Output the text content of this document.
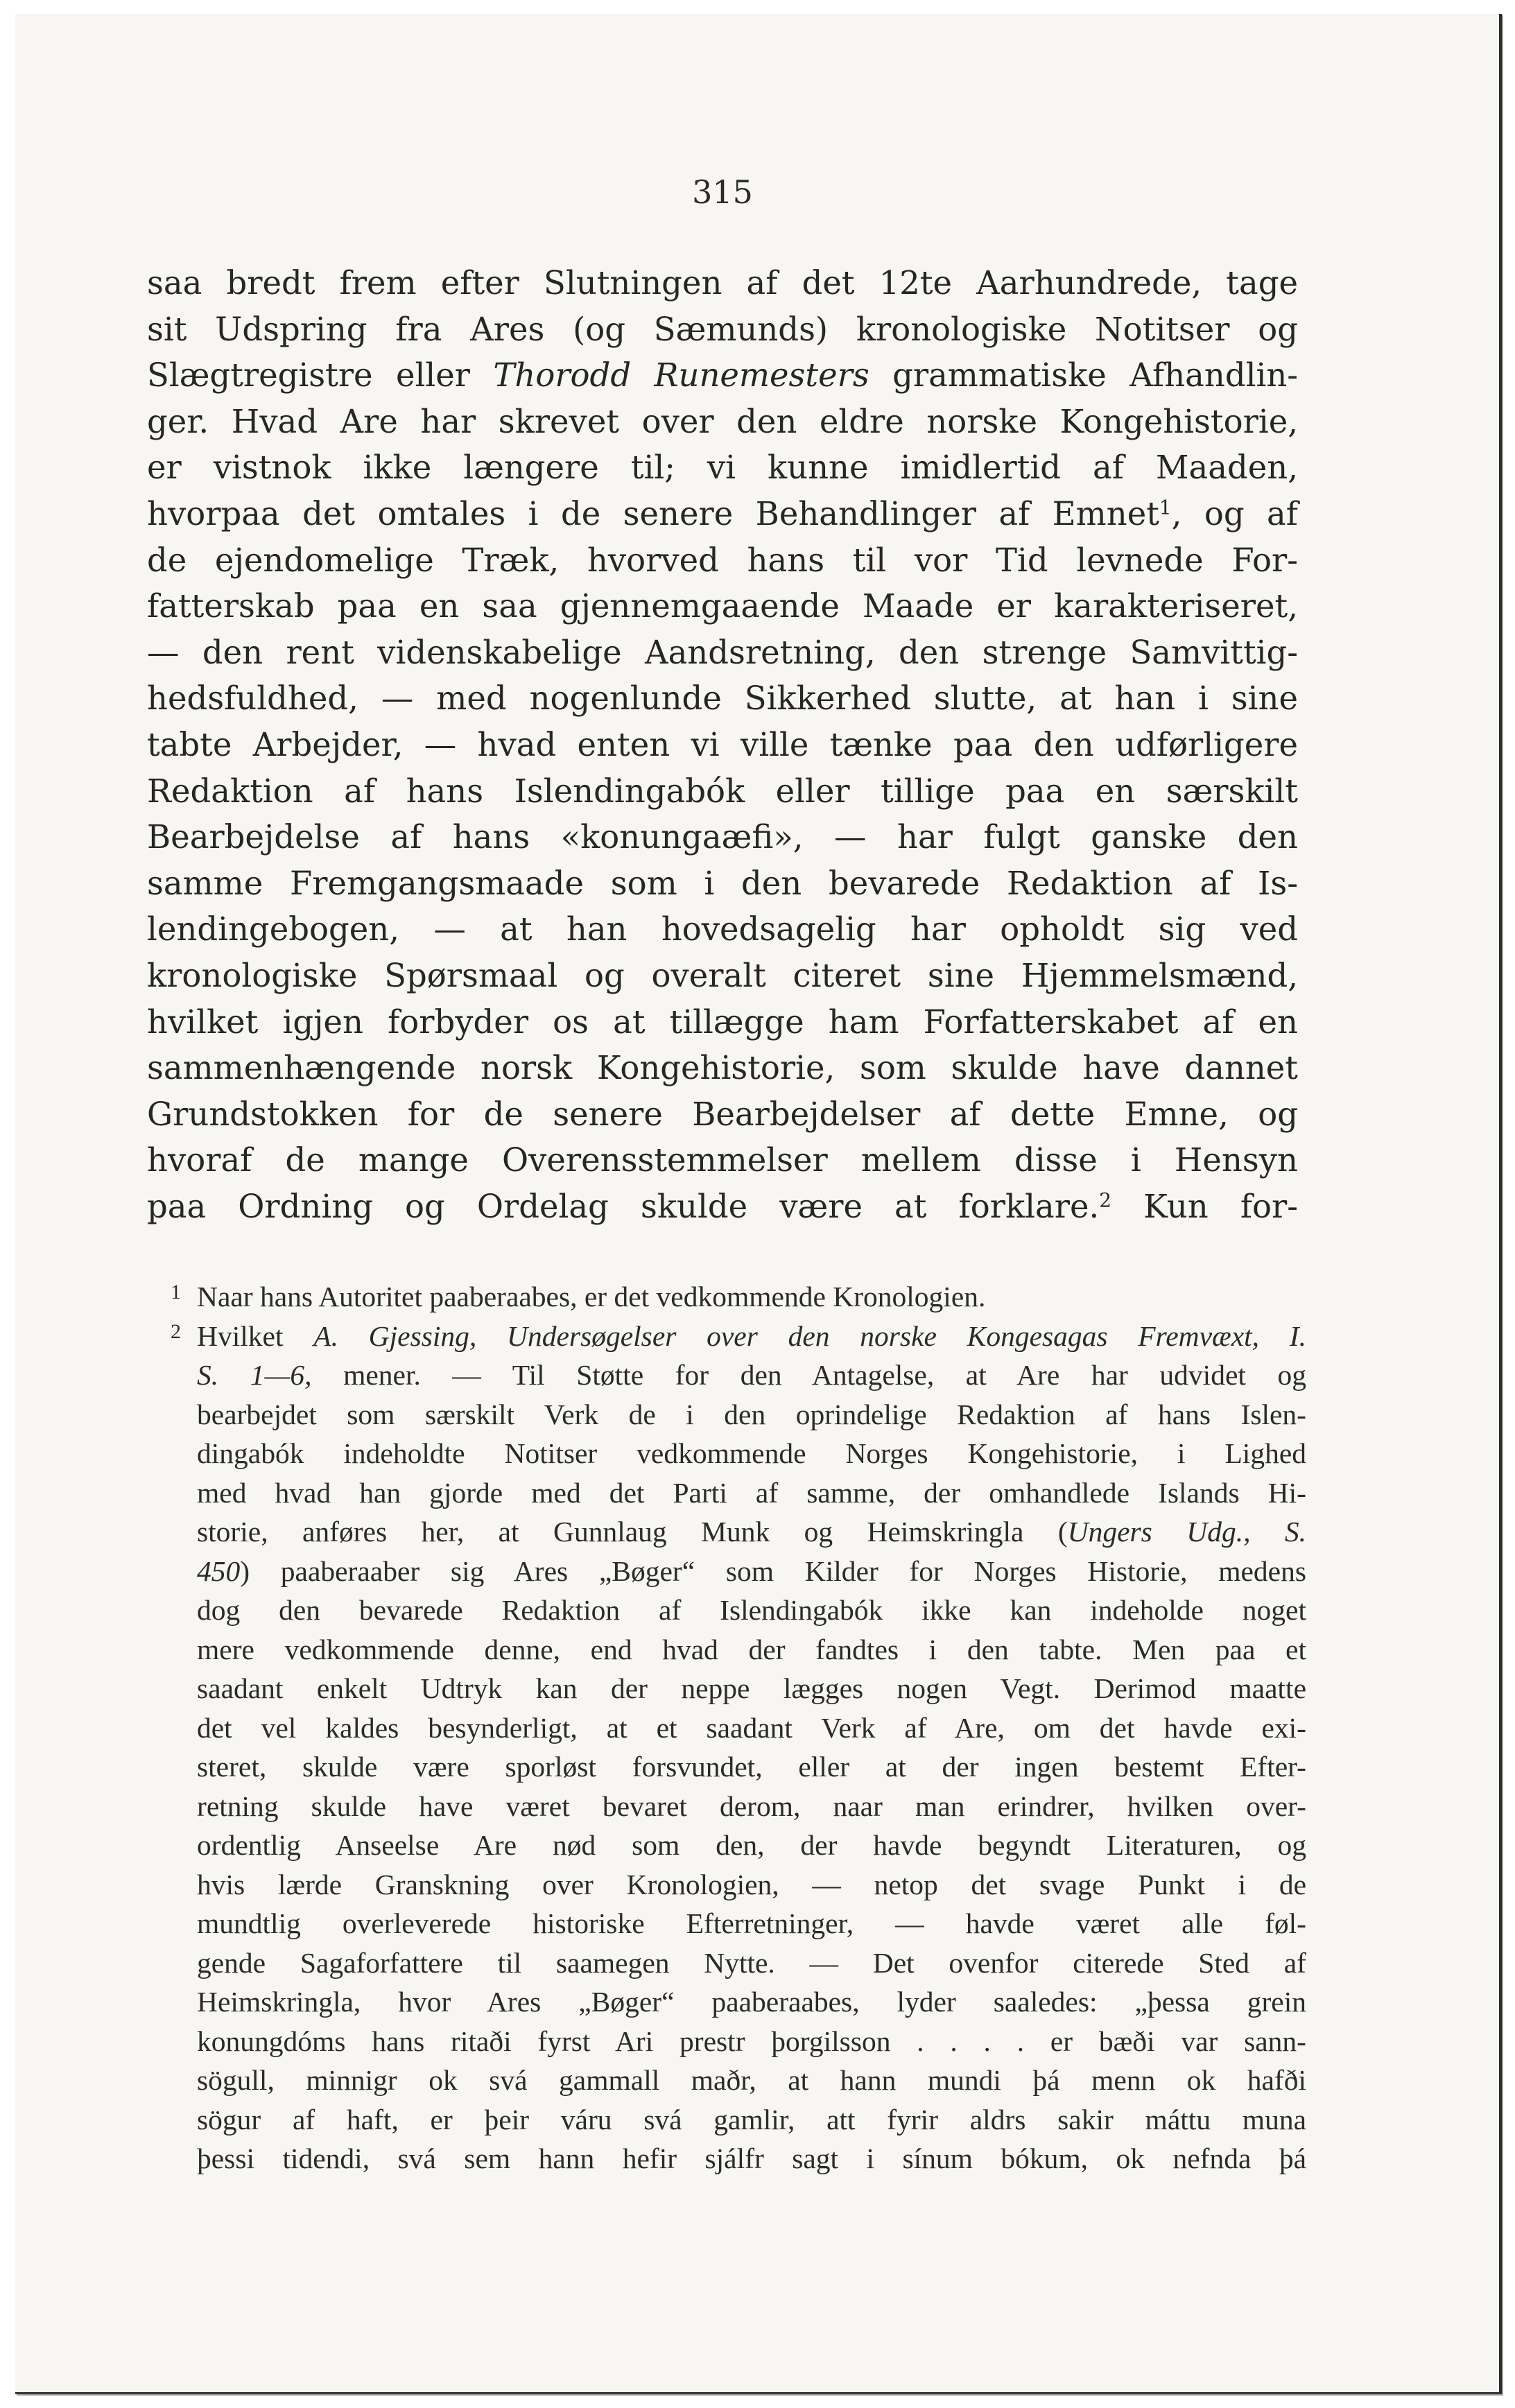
315
saa bredt frem efter Slutningen af det 12te Aarhundrede, tage
sit Udspring fra Ares (og Sæmunds) kronologiske Notitser og
Slægtregistre eller Thorodd Runemesters grammatiske Afhandlin-
ger. Hvad Are har skrevet over den eldre norske Kongehistorie,
er vistnok ikke længere til; vi kunne imidlertid af Maaden,
hvorpaa det omtales i de senere Behandlinger af Emnet$^1$, og af
de ejendomelige Træk, hvorved hans til vor Tid levnede For-
fatterskab paa en saa gjennemgaaende Maade er karakteriseret,
— den rent videnskabelige Aandsretning, den strenge Samvittig-
hedsfuldhed, — med nogenlunde Sikkerhed slutte, at han i sine
tabte Arbejder, — hvad enten vi ville tænke paa den udførligere
Redaktion af hans Islendingabók eller tillige paa en særskilt
Bearbejdelse af hans «konungaæfi», — har fulgt ganske den
samme Fremgangsmaade som i den bevarede Redaktion af Is-
lendingebogen, — at han hovedsagelig har opholdt sig ved
kronologiske Spørsmaal og overalt citeret sine Hjemmelsmænd,
hvilket igjen forbyder os at tillægge ham Forfatterskabet af en
sammenhængende norsk Kongehistorie, som skulde have dannet
Grundstokken for de senere Bearbejdelser af dette Emne, og
hvoraf de mange Overensstemmelser mellem disse i Hensyn
paa Ordning og Ordelag skulde være at forklare.$^2$ Kun for-
Naar hans Autoritet paaberaabes, er det vedkommende Kronologien.
1
Hvilket A. Gjessing, Undersøgelser over den norske Kongesagas Fremvæxt, I.
2
S. 1—6, mener. — Til Støtte for den Antagelse, at Are har udvidet og
bearbejdet som særskilt Verk de i den oprindelige Redaktion af hans Islen-
dingabók indeholdte Notitser vedkommende Norges Kongehistorie, i Lighed
med hvad han gjorde med det Parti af samme, der omhandlede Islands Hi-
storie, anføres her, at Gunnlaug Munk og Heimskringla (Ungers Udg., S.
450) paaberaaber sig Ares „Bøger“ som Kilder for Norges Historie, medens
dog den bevarede Redaktion af Islendingabók ikke kan indeholde noget
mere vedkommende denne, end hvad der fandtes i den tabte. Men paa et
saadant enkelt Udtryk kan der neppe lægges nogen Vegt. Derimod maatte
det vel kaldes besynderligt, at et saadant Verk af Are, om det havde exi-
steret, skulde være sporløst forsvundet, eller at der ingen bestemt Efter-
retning skulde have været bevaret derom, naar man erindrer, hvilken over-
ordentlig Anseelse Are nød som den, der havde begyndt Literaturen, og
hvis lærde Granskning over Kronologien, — netop det svage Punkt i de
mundtlig overleverede historiske Efterretninger, — havde været alle føl-
gende Sagaforfattere til saamegen Nytte. — Det ovenfor citerede Sted af
Heimskringla, hvor Ares „Bøger“ paaberaabes, lyder saaledes: „þessa grein
konungdóms hans ritaði fyrst Ari prestr þorgilsson . . . . er bæði var sann-
sögull, minnigr ok svá gammall maðr, at hann mundi þá menn ok hafði
sögur af haft, er þeir váru svá gamlir, att fyrir aldrs sakir máttu muna
þessi tidendi, svá sem hann hefir sjálfr sagt i sínum bókum, ok nefnda þá
